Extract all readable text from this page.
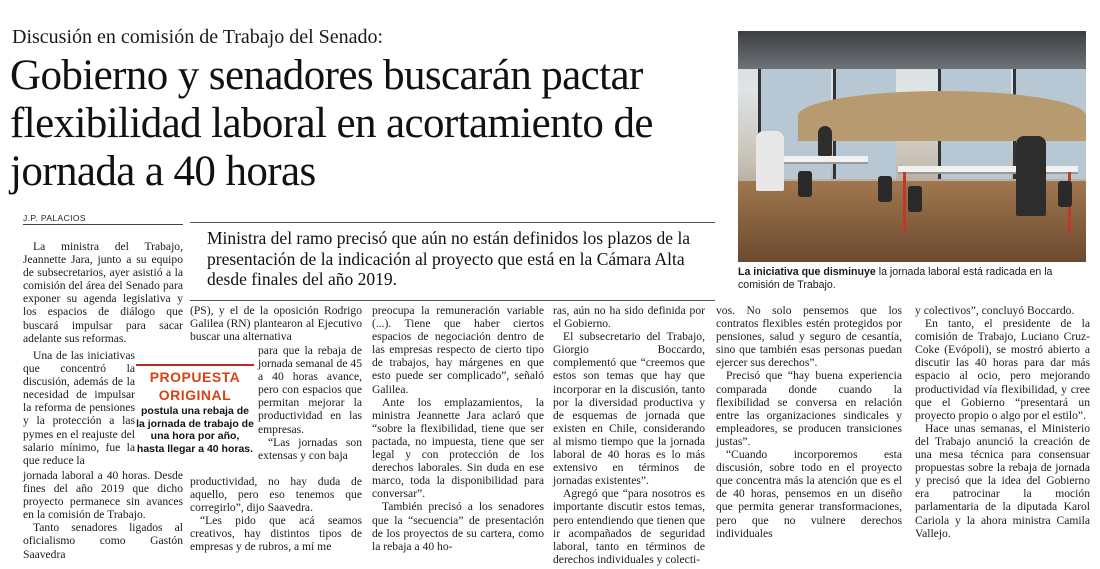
Discusión en comisión de Trabajo del Senado:
Gobierno y senadores buscarán pactar flexibilidad laboral en acortamiento de jornada a 40 horas
J.P. PALACIOS
Ministra del ramo precisó que aún no están definidos los plazos de la presentación de la indicación al proyecto que está en la Cámara Alta desde finales del año 2019.	La iniciativa que disminuye la jornada laboral está radicada en la comisión de Trabajo.

La ministra del Trabajo, Jeannette Jara, junto a su equipo de subsecretarios, ayer asistió a la comisión del área del Senado para exponer su agenda legislativa y los espacios de diálogo que buscará impulsar para sacar adelante sus reformas.

Una de las iniciativas que concentró la discusión, además de la necesidad de impulsar la reforma de pensiones y la protección a las pymes en el reajuste del salario mínimo, fue la que reduce la

jornada laboral a 40 horas. Desde fines del año 2019 que dicho proyecto permanece sin avances en la comisión de Trabajo.

Tanto senadores ligados al oficialismo como Gastón Saavedra

PROPUESTA
ORIGINAL
postula una rebaja de la jornada de trabajo de una hora por año, hasta llegar a 40 horas.

(PS), y el de la oposición Rodrigo Galilea (RN) plantearon al Ejecutivo buscar una alternativa

para que la rebaja de jornada semanal de 45 a 40 horas avance, pero con espacios que permitan mejorar la productividad en las empresas.

“Las jornadas son extensas y con baja

productividad, no hay duda de aquello, pero eso tenemos que corregirlo”, dijo Saavedra.

“Les pido que acá seamos creativos, hay distintos tipos de empresas y de rubros, a mí me

preocupa la remuneración variable (...). Tiene que haber ciertos espacios de negociación dentro de las empresas respecto de cierto tipo de trabajos, hay márgenes en que esto puede ser complicado”, señaló Galilea.

Ante los emplazamientos, la ministra Jeannette Jara aclaró que “sobre la flexibilidad, tiene que ser pactada, no impuesta, tiene que ser legal y con protección de los derechos laborales. Sin duda en ese marco, toda la disponibilidad para conversar”.

También precisó a los senadores que la “secuencia” de presentación de los proyectos de su cartera, como la rebaja a 40 ho-

ras, aún no ha sido definida por el Gobierno.

El subsecretario del Trabajo, Giorgio Boccardo, complementó que “creemos que estos son temas que hay que incorporar en la discusión, tanto por la diversidad productiva y de esquemas de jornada que existen en Chile, considerando al mismo tiempo que la jornada laboral de 40 horas es lo más extensivo en términos de jornadas existentes”.

Agregó que “para nosotros es importante discutir estos temas, pero entendiendo que tienen que ir acompañados de seguridad laboral, tanto en términos de derechos individuales y colecti-

vos. No solo pensemos que los contratos flexibles estén protegidos por pensiones, salud y seguro de cesantía, sino que también esas personas puedan ejercer sus derechos”.

Precisó que “hay buena experiencia comparada donde cuando la flexibilidad se conversa en relación entre las organizaciones sindicales y empleadores, se producen transiciones justas”.

“Cuando incorporemos esta discusión, sobre todo en el proyecto que concentra más la atención que es el de 40 horas, pensemos en un diseño que permita generar transformaciones, pero que no vulnere derechos individuales

y colectivos”, concluyó Boccardo.

En tanto, el presidente de la comisión de Trabajo, Luciano Cruz-Coke (Evópoli), se mostró abierto a discutir las 40 horas para dar más espacio al ocio, pero mejorando productividad vía flexibilidad, y cree que el Gobierno “presentará un proyecto propio o algo por el estilo”.

Hace unas semanas, el Ministerio del Trabajo anunció la creación de una mesa técnica para consensuar propuestas sobre la rebaja de jornada y precisó que la idea del Gobierno era patrocinar la moción parlamentaria de la diputada Karol Cariola y la ahora ministra Camila Vallejo.
